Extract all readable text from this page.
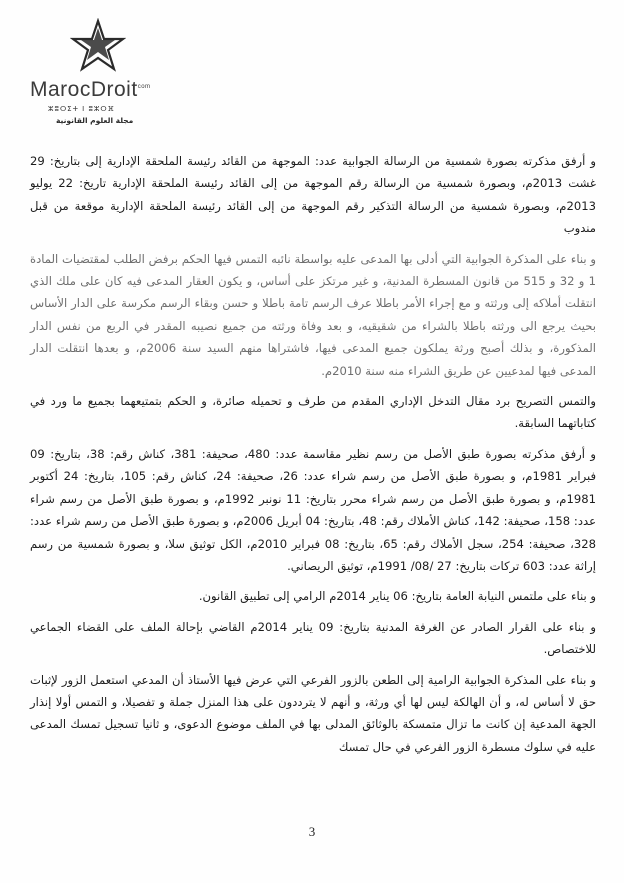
MarocDroit$^{com}$
ⵣⵓⵔⵉⵜ ⵏ ⵓⵣⵔⴼ
مجلة العلوم القانونية

و أرفق مذكرته بصورة شمسية من الرسالة الجوابية عدد: الموجهة من القائد رئيسة الملحقة الإدارية إلى بتاريخ: 29 غشت 2013م، وبصورة شمسية من الرسالة رقم الموجهة من إلى القائد رئيسة الملحقة الإدارية تاريخ: 22 يوليو 2013م، وبصورة شمسية من الرسالة التذكير رقم الموجهة من إلى القائد رئيسة الملحقة الإدارية موقعة من قبل مندوب

و بناء على المذكرة الجوابية التي أدلى بها المدعى عليه بواسطة نائبه التمس فيها الحكم برفض الطلب لمقتضيات المادة 1 و 32 و 515 من قانون المسطرة المدنية، و غير مرتكز على أساس، و يكون العقار المدعى فيه كان على ملك الذي انتقلت أملاكه إلى ورثته و مع إجراء الأمر باطلا عرف الرسم تامة باطلا و حسن وبقاء الرسم مكرسة على الدار الأساس بحيث يرجع الى ورثته باطلا بالشراء من شقيقيه، و بعد وفاة ورثته من جميع نصيبه المقدر في الربع من نفس الدار المذكورة، و بذلك أصبح ورثة يملكون جميع المدعى فيها، فاشتراها منهم السيد سنة 2006م، و بعدها انتقلت الدار المدعى فيها لمدعيين عن طريق الشراء منه سنة 2010م.

والتمس التصريح برد مقال التدخل الإداري المقدم من طرف و تحميله صائرة، و الحكم بتمتيعهما بجميع ما ورد في كتاباتهما السابقة.

و أرفق مذكرته بصورة طبق الأصل من رسم نظير مقاسمة عدد: 480، صحيفة: 381، كناش رقم: 38، بتاريخ: 09 فبراير 1981م، و بصورة طبق الأصل من رسم شراء عدد: 26، صحيفة: 24، كناش رقم: 105، بتاريخ: 24 أكتوبر 1981م، و بصورة طبق الأصل من رسم شراء محرر بتاريخ: 11 نونبر 1992م، و بصورة طبق الأصل من رسم شراء عدد: 158، صحيفة: 142، كناش الأملاك رقم: 48، بتاريخ: 04 أبريل 2006م، و بصورة طبق الأصل من رسم شراء عدد: 328، صحيفة: 254، سجل الأملاك رقم: 65، بتاريخ: 08 فبراير 2010م، الكل توثيق سلا، و بصورة شمسية من رسم إراثة عدد: 603 تركات بتاريخ: 27 /08/ 1991م، توثيق الريصاني.

و بناء على ملتمس النيابة العامة بتاريخ: 06 يناير 2014م الرامي إلى تطبيق القانون.

و بناء على القرار الصادر عن الغرفة المدنية بتاريخ: 09 يناير 2014م القاضي بإحالة الملف على القضاء الجماعي للاختصاص.

و بناء على المذكرة الجوابية الرامية إلى الطعن بالزور الفرعي التي عرض فيها الأستاذ أن المدعي استعمل الزور لإثبات حق لا أساس له، و أن الهالكة ليس لها أي ورثة، و أنهم لا يترددون على هذا المنزل جملة و تفصيلا، و التمس أولا إنذار الجهة المدعية إن كانت ما تزال متمسكة بالوثائق المدلى بها في الملف موضوع الدعوى، و ثانيا تسجيل تمسك المدعى عليه في سلوك مسطرة الزور الفرعي في حال تمسك

3
